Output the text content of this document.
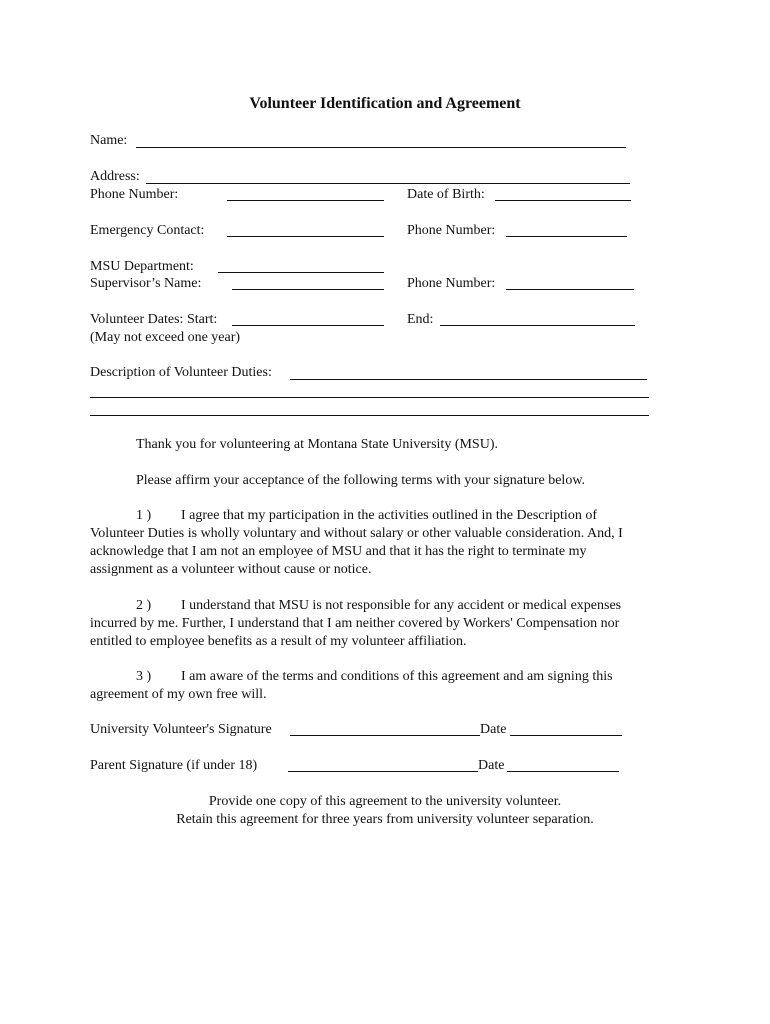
Volunteer Identification and Agreement
Name:
Address:
Phone Number:	Date of Birth:
Emergency Contact:	Phone Number:
MSU Department:
Supervisor’s Name:	Phone Number:
Volunteer Dates: Start:	End:
(May not exceed one year)
Description of Volunteer Duties:
Thank you for volunteering at Montana State University (MSU).
Please affirm your acceptance of the following terms with your signature below.
1 ) I agree that my participation in the activities outlined in the Description of
Volunteer Duties is wholly voluntary and without salary or other valuable consideration. And, I
acknowledge that I am not an employee of MSU and that it has the right to terminate my
assignment as a volunteer without cause or notice.
2 ) I understand that MSU is not responsible for any accident or medical expenses
incurred by me. Further, I understand that I am neither covered by Workers' Compensation nor
entitled to employee benefits as a result of my volunteer affiliation.
3 ) I am aware of the terms and conditions of this agreement and am signing this
agreement of my own free will.
University Volunteer's Signature	Date
Parent Signature (if under 18)	Date
Provide one copy of this agreement to the university volunteer.
Retain this agreement for three years from university volunteer separation.
